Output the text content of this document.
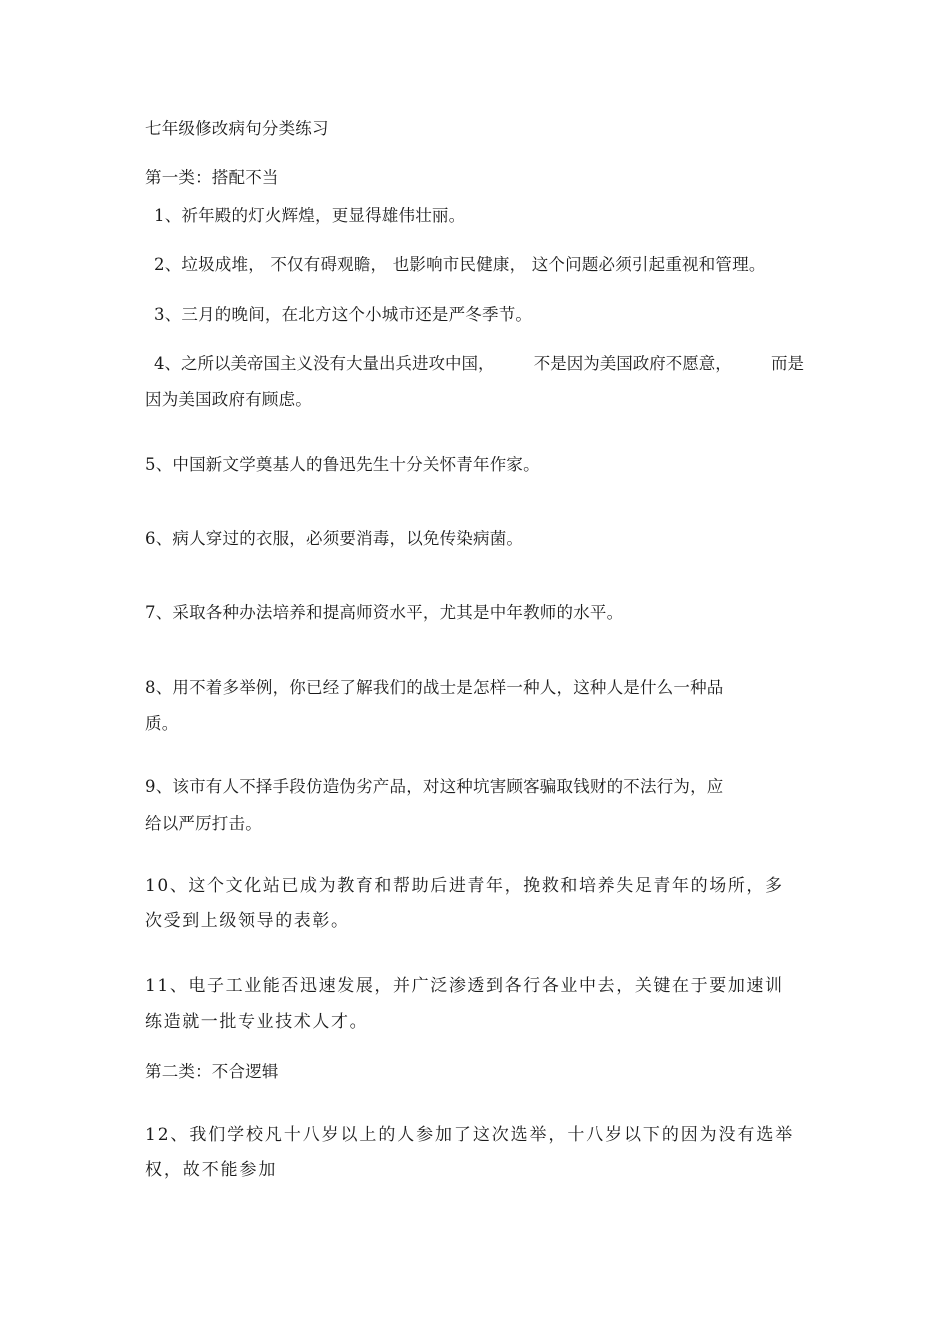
七年级修改病句分类练习

第一类：搭配不当

1、祈年殿的灯火辉煌，更显得雄伟壮丽。

2、垃圾成堆， 不仅有碍观瞻， 也影响市民健康， 这个问题必须引起重视和管理。

3、三月的晚间，在北方这个小城市还是严冬季节。

4、之所以美帝国主义没有大量出兵进攻中国， 不是因为美国政府不愿意， 而是

因为美国政府有顾虑。

5、中国新文学奠基人的鲁迅先生十分关怀青年作家。

6、病人穿过的衣服，必须要消毒，以免传染病菌。

7、采取各种办法培养和提高师资水平，尤其是中年教师的水平。

8、用不着多举例，你已经了解我们的战士是怎样一种人，这种人是什么一种品

质。

9、该市有人不择手段仿造伪劣产品，对这种坑害顾客骗取钱财的不法行为，应

给以严厉打击。

10、这个文化站已成为教育和帮助后进青年，挽救和培养失足青年的场所，多

次受到上级领导的表彰。

11、电子工业能否迅速发展，并广泛渗透到各行各业中去，关键在于要加速训

练造就一批专业技术人才。

第二类：不合逻辑

12、我们学校凡十八岁以上的人参加了这次选举，十八岁以下的因为没有选举

权，故不能参加
